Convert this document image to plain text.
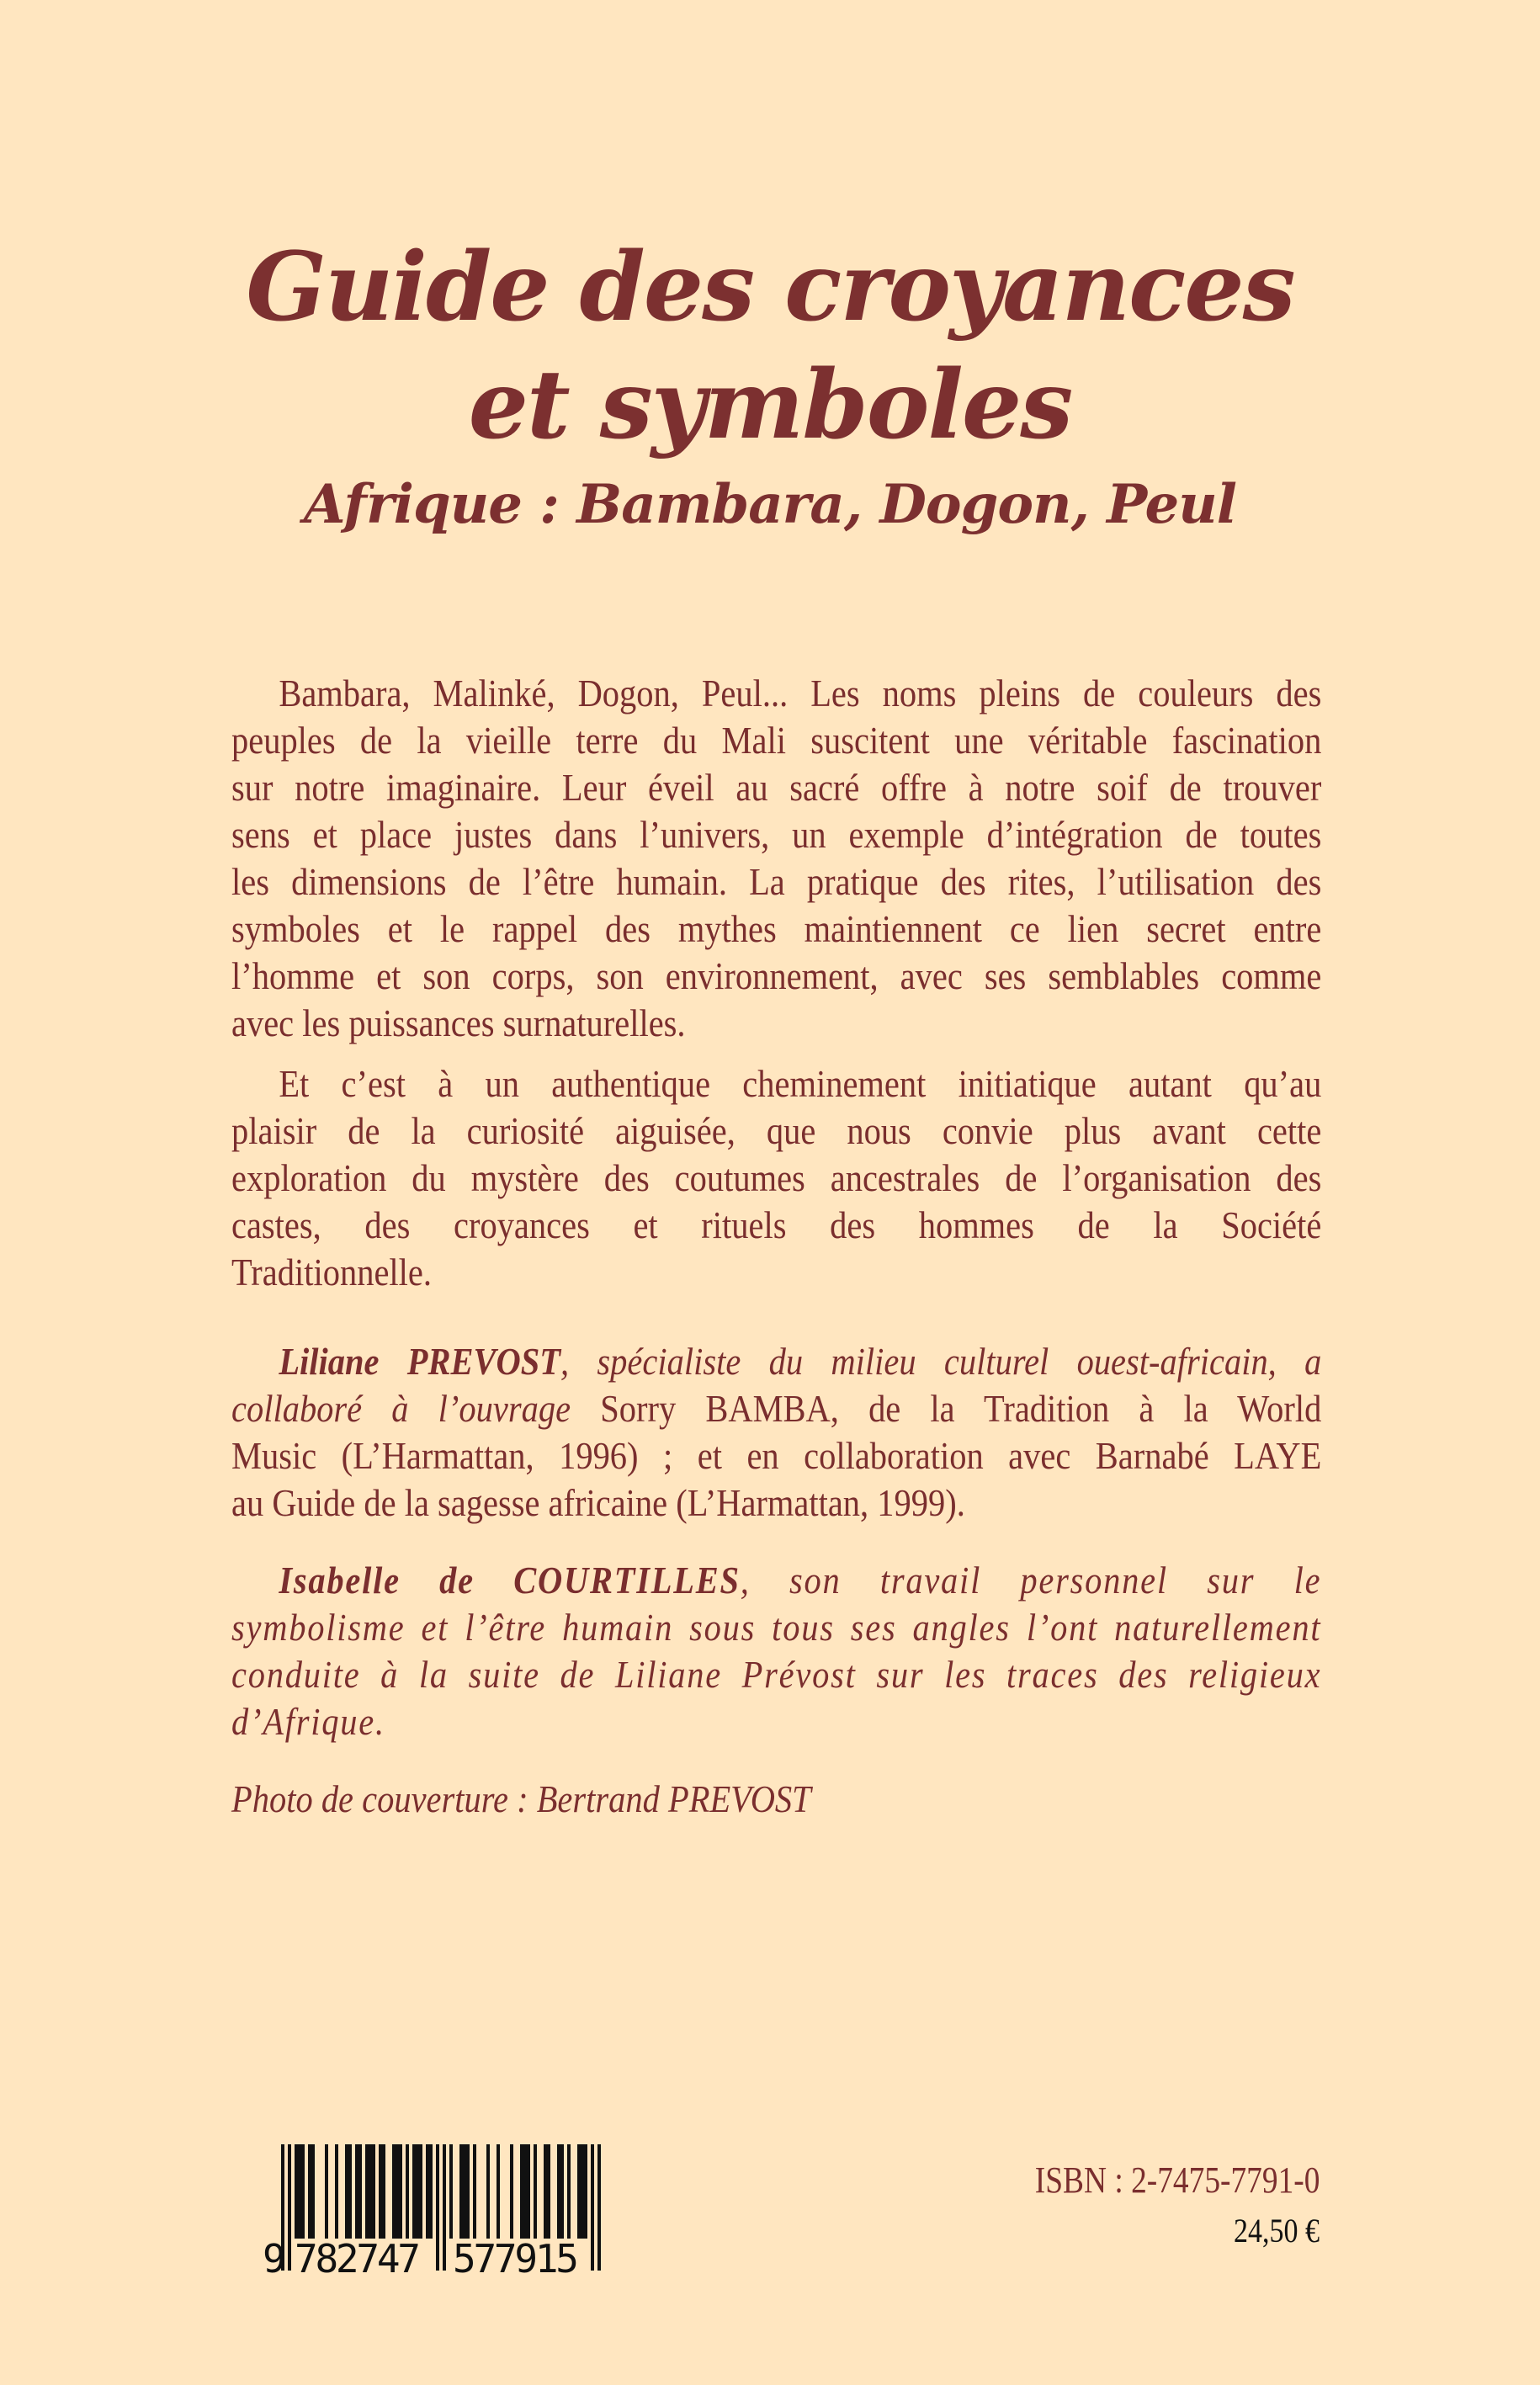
Guide des croyances
et symboles
Afrique : Bambara, Dogon, Peul
Bambara, Malinké, Dogon, Peul... Les noms pleins de couleurs des
peuples de la vieille terre du Mali suscitent une véritable fascination
sur notre imaginaire. Leur éveil au sacré offre à notre soif de trouver
sens et place justes dans l’univers, un exemple d’intégration de toutes
les dimensions de l’être humain. La pratique des rites, l’utilisation des
symboles et le rappel des mythes maintiennent ce lien secret entre
l’homme et son corps, son environnement, avec ses semblables comme
avec les puissances surnaturelles.
Et c’est à un authentique cheminement initiatique autant qu’au
plaisir de la curiosité aiguisée, que nous convie plus avant cette
exploration du mystère des coutumes ancestrales de l’organisation des
castes, des croyances et rituels des hommes de la Société
Traditionnelle.
Liliane PREVOST, spécialiste du milieu culturel ouest-africain, a
collaboré à l’ouvrage Sorry BAMBA, de la Tradition à la World
Music (L’Harmattan, 1996) ; et en collaboration avec Barnabé LAYE
au Guide de la sagesse africaine (L’Harmattan, 1999).
Isabelle de COURTILLES, son travail personnel sur le
symbolisme et l’être humain sous tous ses angles l’ont naturellement
conduite à la suite de Liliane Prévost sur les traces des religieux
d’Afrique.
Photo de couverture : Bertrand PREVOST
9 782747 577915
ISBN : 2-7475-7791-0
24,50 €
